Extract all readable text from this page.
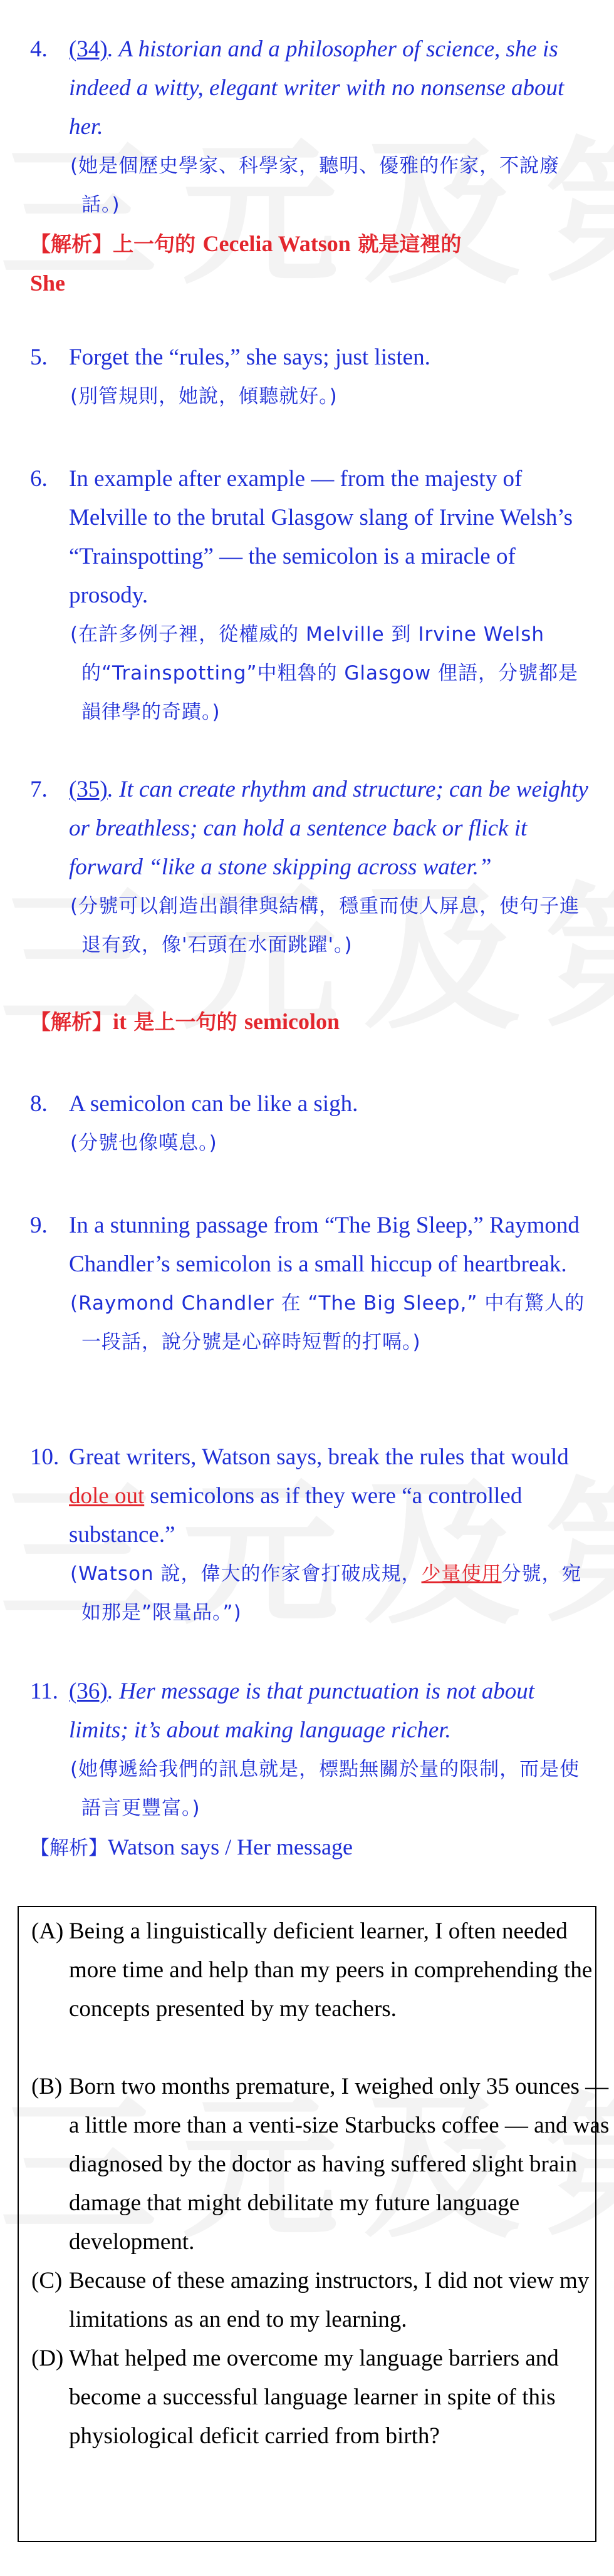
4. (34). A historian and a philosopher of science, she is indeed a witty, elegant writer with no nonsense about her.
(她是個歷史學家、科學家，聽明、優雅的作家，不說廢話。)
【解析】上一句的 Cecelia Watson 就是這裡的
She
5. Forget the “rules,” she says; just listen.
(別管規則，她說，傾聽就好。)
6. In example after example — from the majesty of Melville to the brutal Glasgow slang of Irvine Welsh’s “Trainspotting” — the semicolon is a miracle of prosody.
(在許多例子裡，從權威的 Melville 到 Irvine Welsh 的“Trainspotting”中粗魯的 Glasgow 俚語，分號都是韻律學的奇蹟。)
7. (35). It can create rhythm and structure; can be weighty or breathless; can hold a sentence back or flick it forward “like a stone skipping across water.”
(分號可以創造出韻律與結構，穩重而使人屏息，使句子進退有致，像'石頭在水面跳躍'。)
【解析】it 是上一句的 semicolon
8. A semicolon can be like a sigh.
(分號也像嘆息。)
9. In a stunning passage from “The Big Sleep,” Raymond Chandler’s semicolon is a small hiccup of heartbreak.
(Raymond Chandler 在 “The Big Sleep,” 中有驚人的一段話，說分號是心碎時短暫的打嗝。)
10. Great writers, Watson says, break the rules that would dole out semicolons as if they were “a controlled substance.”
(Watson 說，偉大的作家會打破成規，少量使用分號，宛如那是”限量品。”)
11. (36). Her message is that punctuation is not about limits; it’s about making language richer.
(她傳遞給我們的訊息就是，標點無關於量的限制，而是使語言更豐富。)
【解析】Watson says / Her message
(A) Being a linguistically deficient learner, I often needed more time and help than my peers in comprehending the concepts presented by my teachers.
(B) Born two months premature, I weighed only 35 ounces — a little more than a venti-size Starbucks coffee — and was diagnosed by the doctor as having suffered slight brain damage that might debilitate my future language development.
(C) Because of these amazing instructors, I did not view my limitations as an end to my learning.
(D) What helped me overcome my language barriers and become a successful language learner in spite of this physiological deficit carried from birth?
